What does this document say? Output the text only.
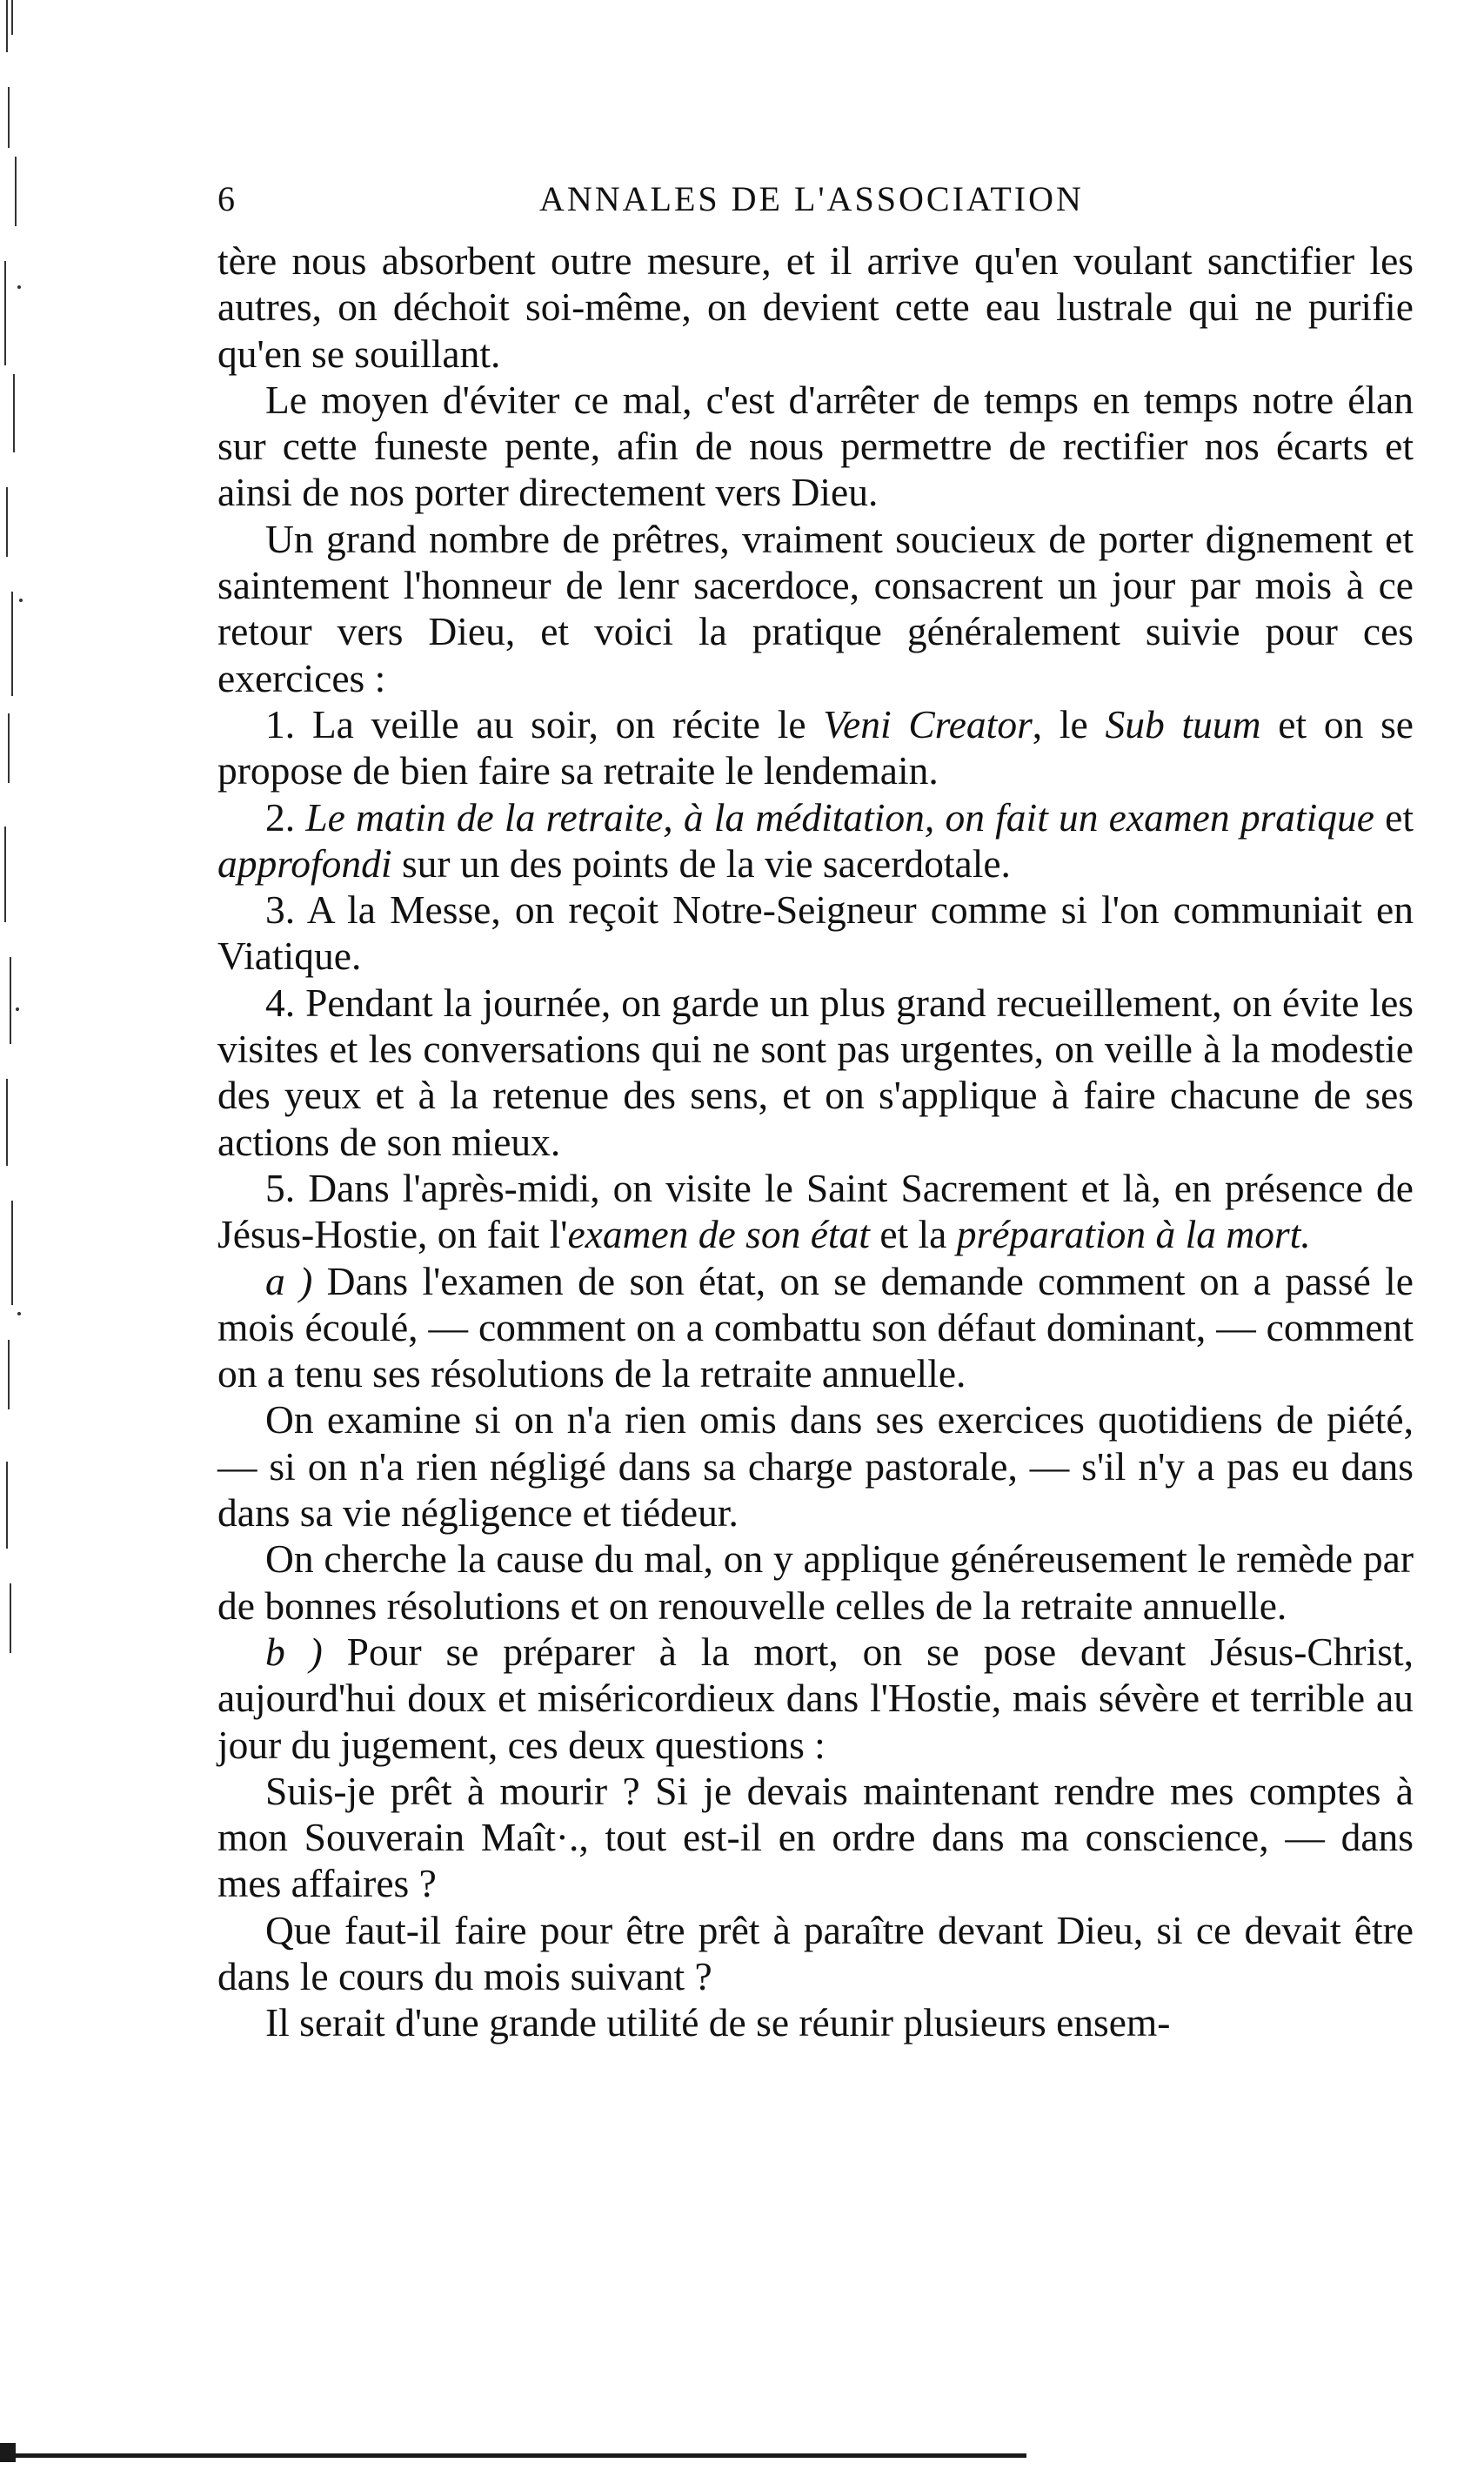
6	ANNALES DE L'ASSOCIATION

tère nous absorbent outre mesure, et il arrive qu'en voulant sanctifier les autres, on déchoit soi-même, on devient cette eau lustrale qui ne purifie qu'en se souillant.

Le moyen d'éviter ce mal, c'est d'arrêter de temps en temps notre élan sur cette funeste pente, afin de nous permettre de rectifier nos écarts et ainsi de nos porter directement vers Dieu.

Un grand nombre de prêtres, vraiment soucieux de porter dignement et saintement l'honneur de lenr sacerdoce, consacrent un jour par mois à ce retour vers Dieu, et voici la pratique généralement suivie pour ces exercices :

1. La veille au soir, on récite le Veni Creator, le Sub tuum et on se propose de bien faire sa retraite le lendemain.

2. Le matin de la retraite, à la méditation, on fait un examen pratique et approfondi sur un des points de la vie sacerdotale.

3. A la Messe, on reçoit Notre-Seigneur comme si l'on communiait en Viatique.

4. Pendant la journée, on garde un plus grand recueillement, on évite les visites et les conversations qui ne sont pas urgentes, on veille à la modestie des yeux et à la retenue des sens, et on s'applique à faire chacune de ses actions de son mieux.

5. Dans l'après-midi, on visite le Saint Sacrement et là, en présence de Jésus-Hostie, on fait l'examen de son état et la préparation à la mort.

a ) Dans l'examen de son état, on se demande comment on a passé le mois écoulé, — comment on a combattu son défaut dominant, — comment on a tenu ses résolutions de la retraite annuelle.

On examine si on n'a rien omis dans ses exercices quotidiens de piété, — si on n'a rien négligé dans sa charge pastorale, — s'il n'y a pas eu dans dans sa vie négligence et tiédeur.

On cherche la cause du mal, on y applique généreusement le remède par de bonnes résolutions et on renouvelle celles de la retraite annuelle.

b ) Pour se préparer à la mort, on se pose devant Jésus-Christ, aujourd'hui doux et miséricordieux dans l'Hostie, mais sévère et terrible au jour du jugement, ces deux questions :

Suis-je prêt à mourir ? Si je devais maintenant rendre mes comptes à mon Souverain Maît·., tout est-il en ordre dans ma conscience, — dans mes affaires ?

Que faut-il faire pour être prêt à paraître devant Dieu, si ce devait être dans le cours du mois suivant ?

Il serait d'une grande utilité de se réunir plusieurs ensem-
